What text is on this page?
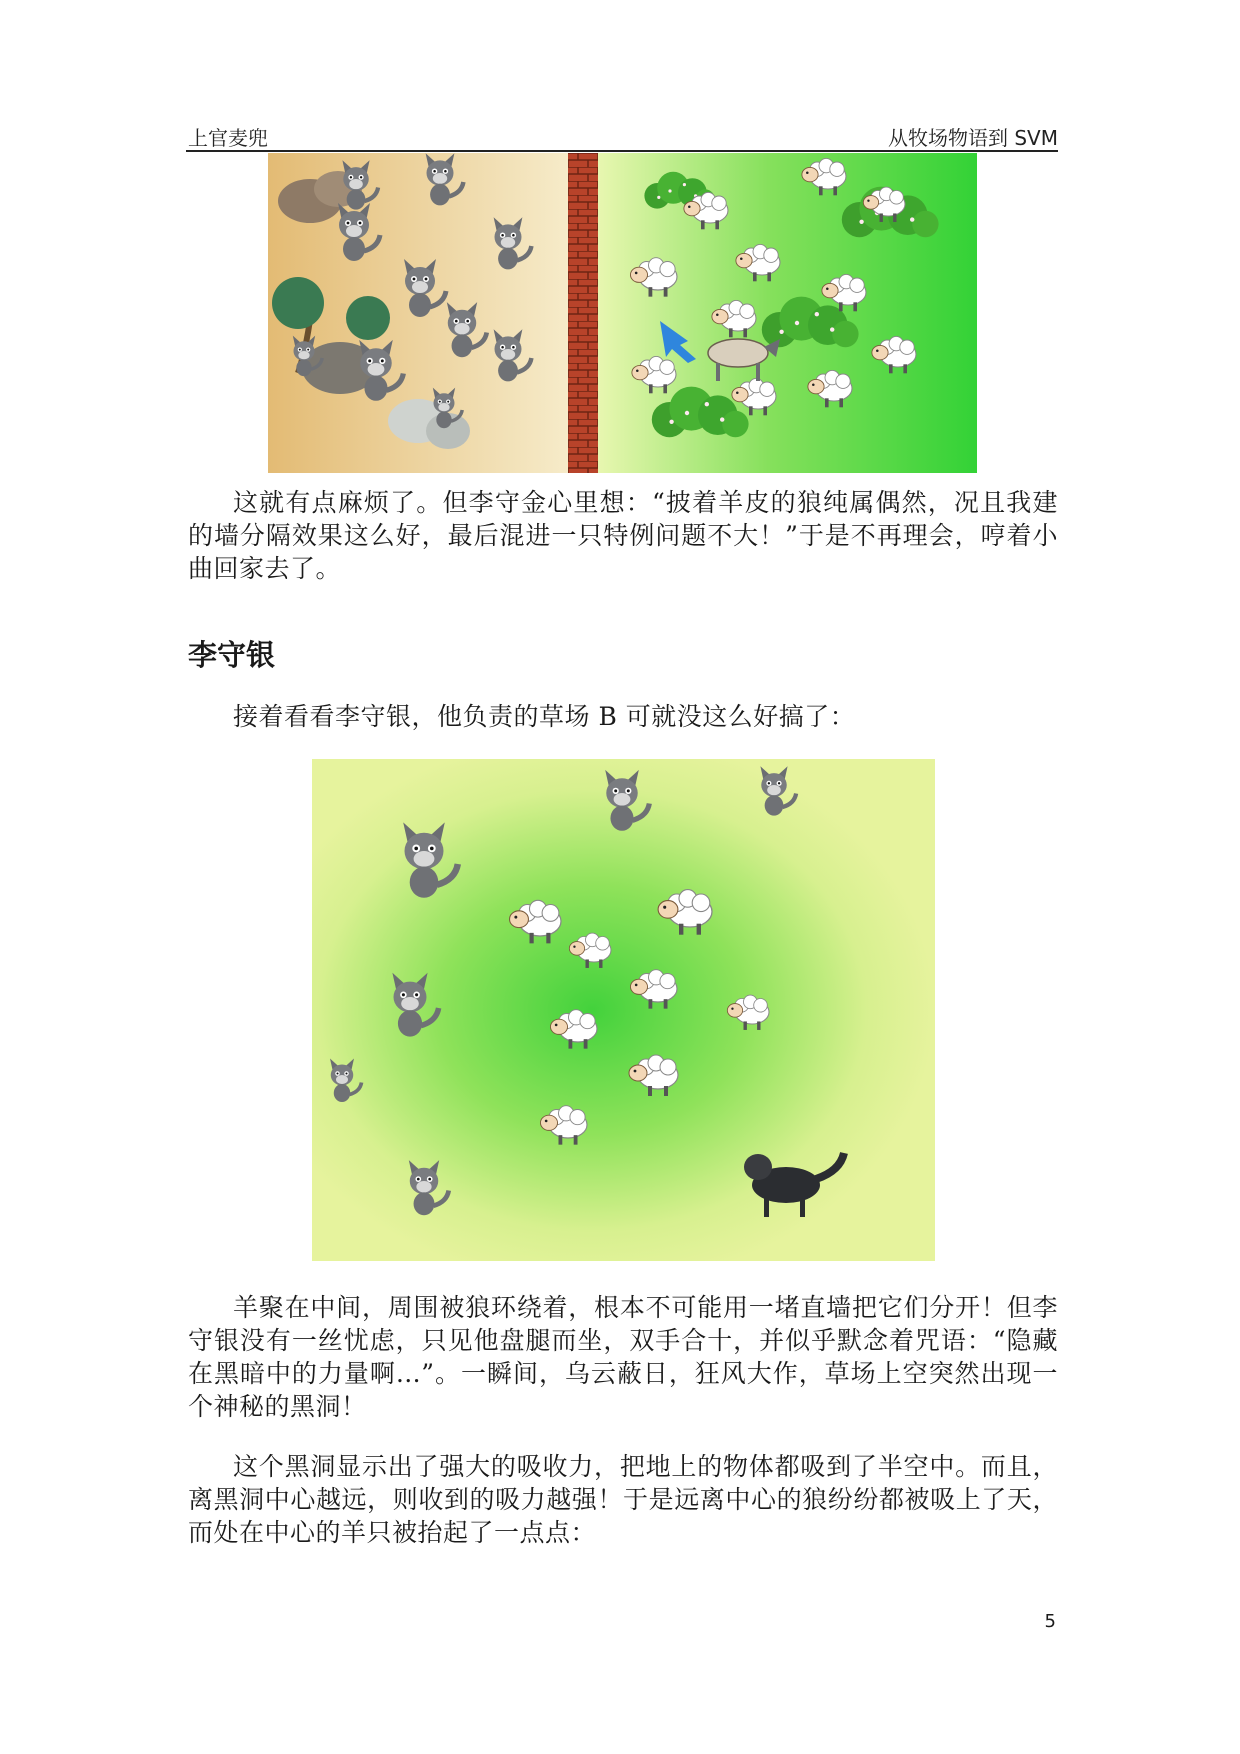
上官麦兜	从牧场物语到 SVM

这就有点麻烦了。但李守金心里想：“披着羊皮的狼纯属偶然，况且我建的墙分隔效果这么好，最后混进一只特例问题不大！”于是不再理会，哼着小曲回家去了。

李守银

接着看看李守银，他负责的草场 B 可就没这么好搞了：

羊聚在中间，周围被狼环绕着，根本不可能用一堵直墙把它们分开！但李守银没有一丝忧虑，只见他盘腿而坐，双手合十，并似乎默念着咒语：“隐藏在黑暗中的力量啊…”。一瞬间，乌云蔽日，狂风大作，草场上空突然出现一个神秘的黑洞！

这个黑洞显示出了强大的吸收力，把地上的物体都吸到了半空中。而且，离黑洞中心越远，则收到的吸力越强！于是远离中心的狼纷纷都被吸上了天，而处在中心的羊只被抬起了一点点：

5
